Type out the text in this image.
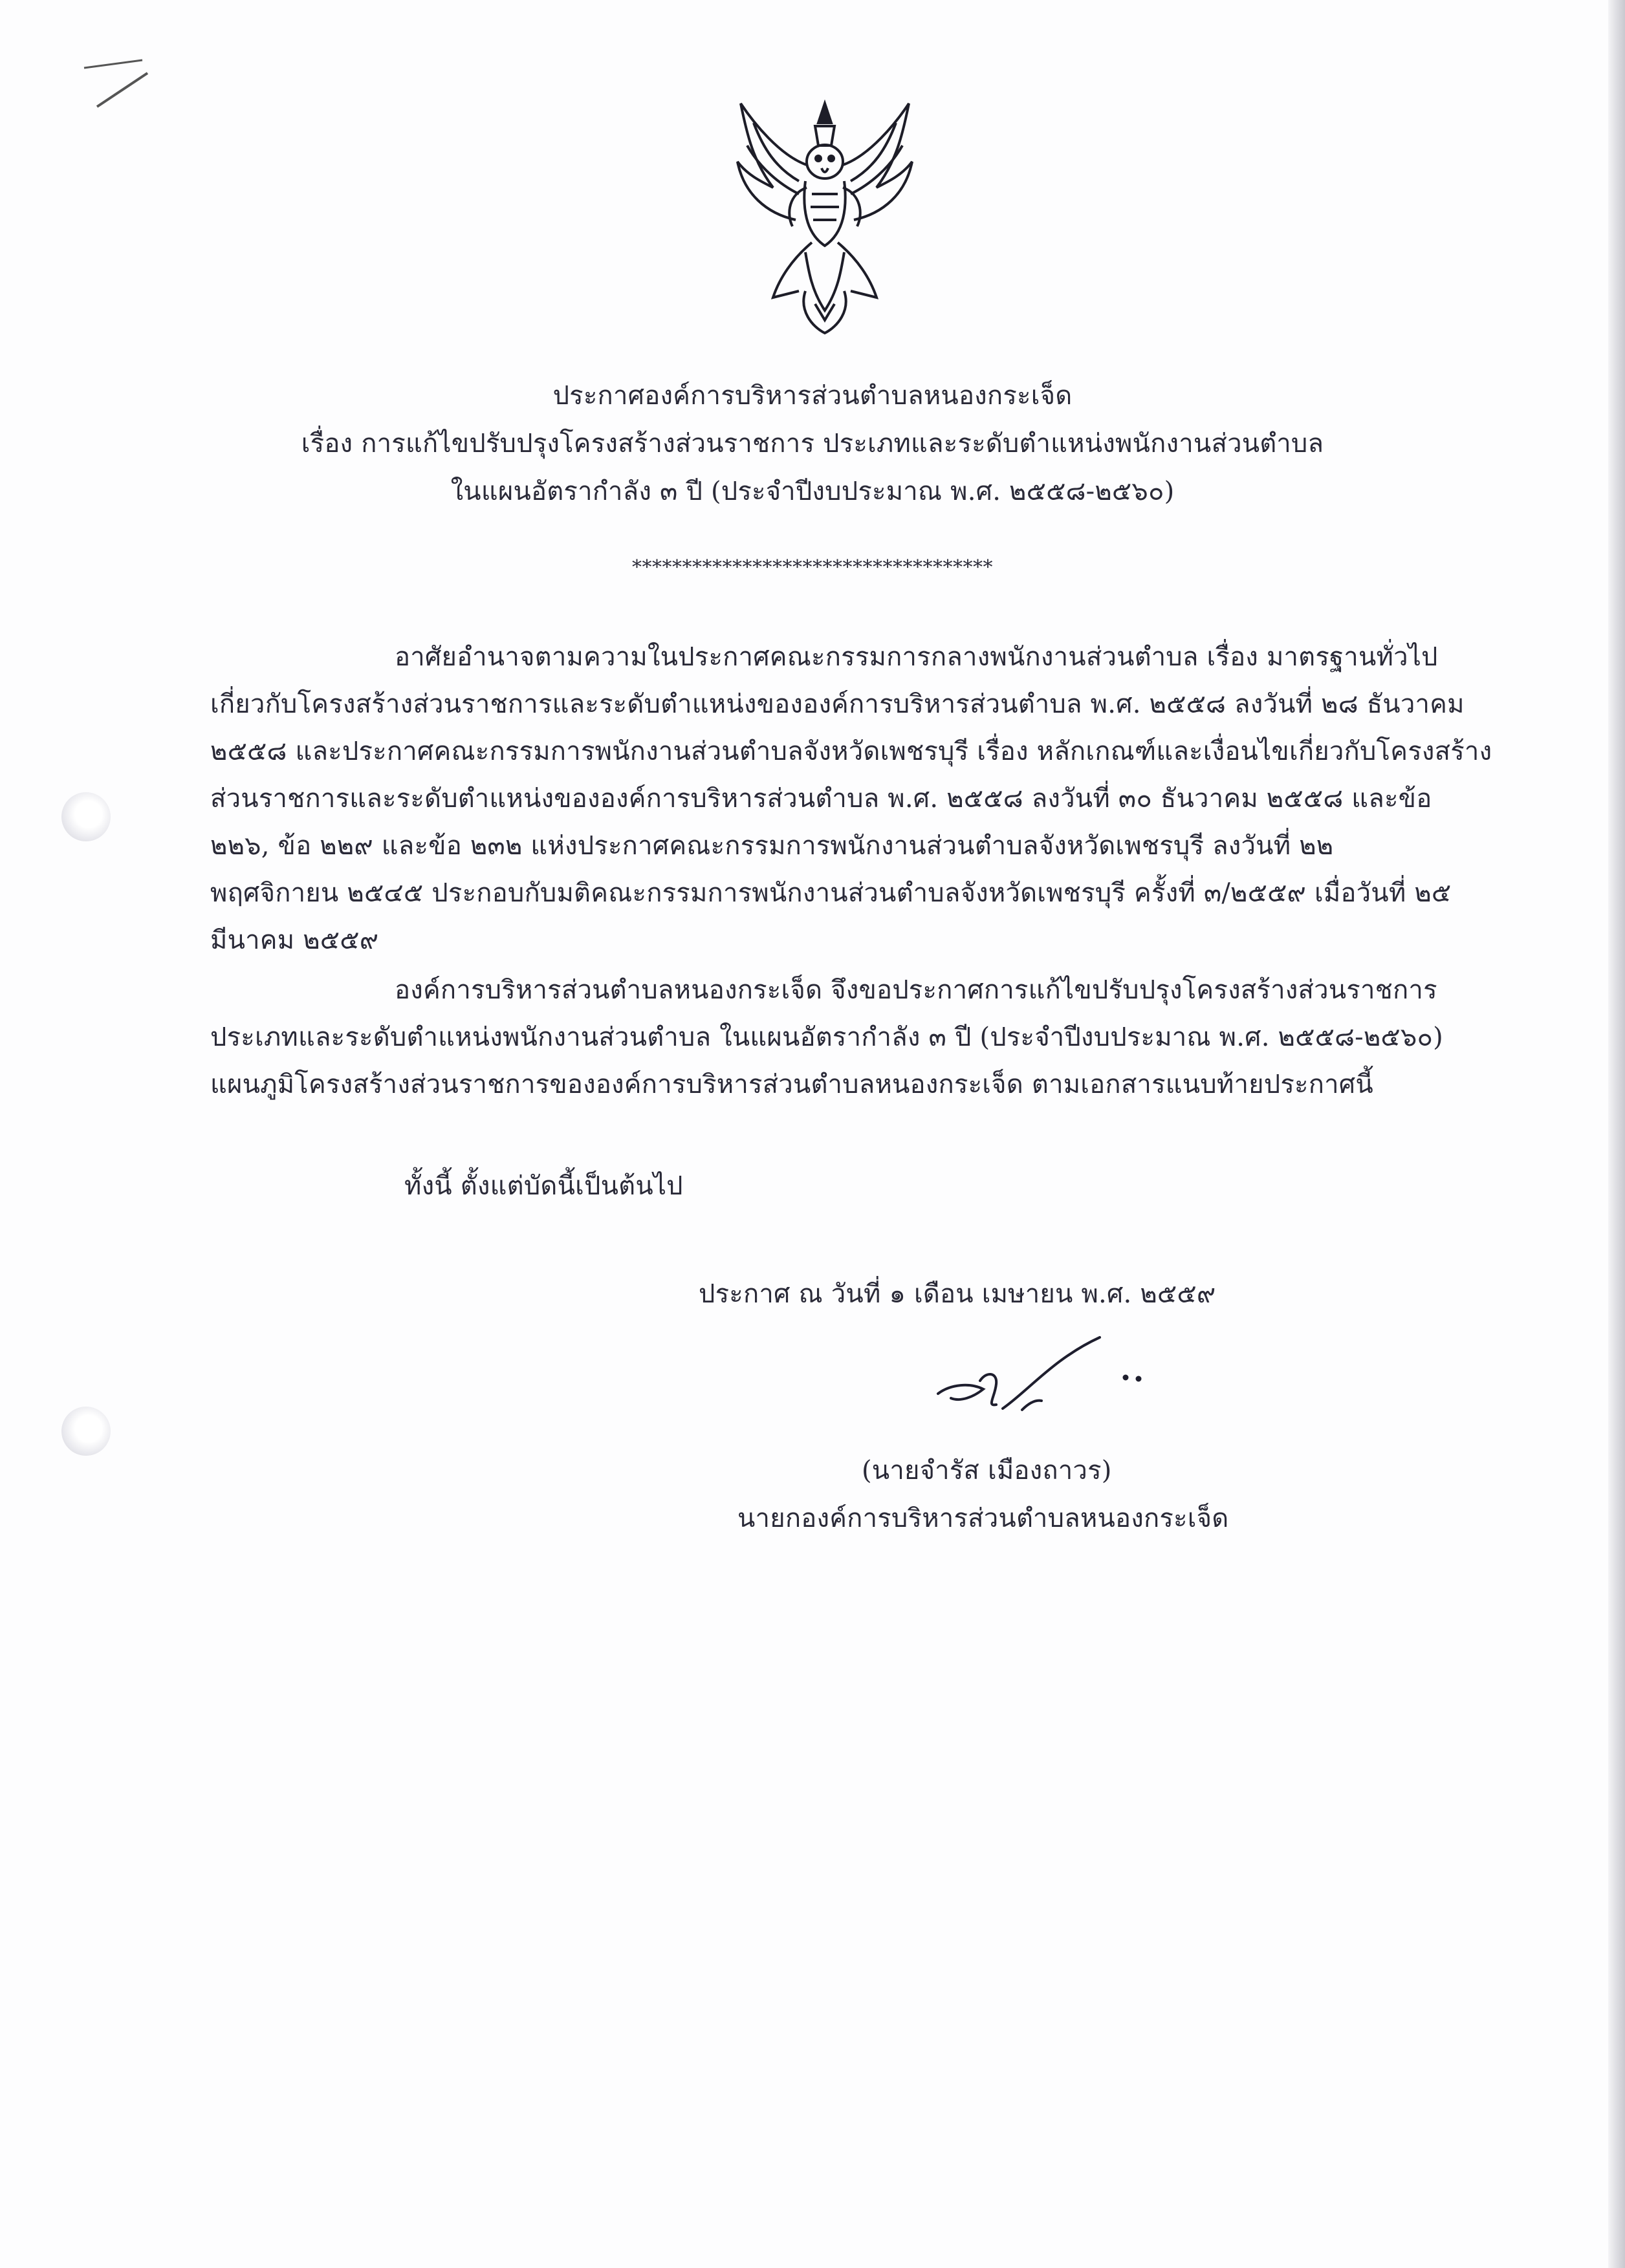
ประกาศองค์การบริหารส่วนตำบลหนองกระเจ็ด
เรื่อง การแก้ไขปรับปรุงโครงสร้างส่วนราชการ ประเภทและระดับตำแหน่งพนักงานส่วนตำบล
ในแผนอัตรากำลัง ๓ ปี (ประจำปีงบประมาณ พ.ศ. ๒๕๕๘-๒๕๖๐)
************************************
อาศัยอำนาจตามความในประกาศคณะกรรมการกลางพนักงานส่วนตำบล เรื่อง มาตรฐานทั่วไป
เกี่ยวกับโครงสร้างส่วนราชการและระดับตำแหน่งขององค์การบริหารส่วนตำบล พ.ศ. ๒๕๕๘ ลงวันที่ ๒๘ ธันวาคม
๒๕๕๘ และประกาศคณะกรรมการพนักงานส่วนตำบลจังหวัดเพชรบุรี เรื่อง หลักเกณฑ์และเงื่อนไขเกี่ยวกับโครงสร้าง
ส่วนราชการและระดับตำแหน่งขององค์การบริหารส่วนตำบล พ.ศ. ๒๕๕๘ ลงวันที่ ๓๐ ธันวาคม ๒๕๕๘ และข้อ
๒๒๖, ข้อ ๒๒๙ และข้อ ๒๓๒ แห่งประกาศคณะกรรมการพนักงานส่วนตำบลจังหวัดเพชรบุรี ลงวันที่ ๒๒
พฤศจิกายน ๒๕๔๕ ประกอบกับมติคณะกรรมการพนักงานส่วนตำบลจังหวัดเพชรบุรี ครั้งที่ ๓/๒๕๕๙ เมื่อวันที่ ๒๕
มีนาคม ๒๕๕๙
องค์การบริหารส่วนตำบลหนองกระเจ็ด จึงขอประกาศการแก้ไขปรับปรุงโครงสร้างส่วนราชการ
ประเภทและระดับตำแหน่งพนักงานส่วนตำบล ในแผนอัตรากำลัง ๓ ปี (ประจำปีงบประมาณ พ.ศ. ๒๕๕๘-๒๕๖๐)
แผนภูมิโครงสร้างส่วนราชการขององค์การบริหารส่วนตำบลหนองกระเจ็ด ตามเอกสารแนบท้ายประกาศนี้
ทั้งนี้ ตั้งแต่บัดนี้เป็นต้นไป
ประกาศ ณ วันที่ ๑ เดือน เมษายน พ.ศ. ๒๕๕๙
(นายจำรัส เมืองถาวร)
นายกองค์การบริหารส่วนตำบลหนองกระเจ็ด
